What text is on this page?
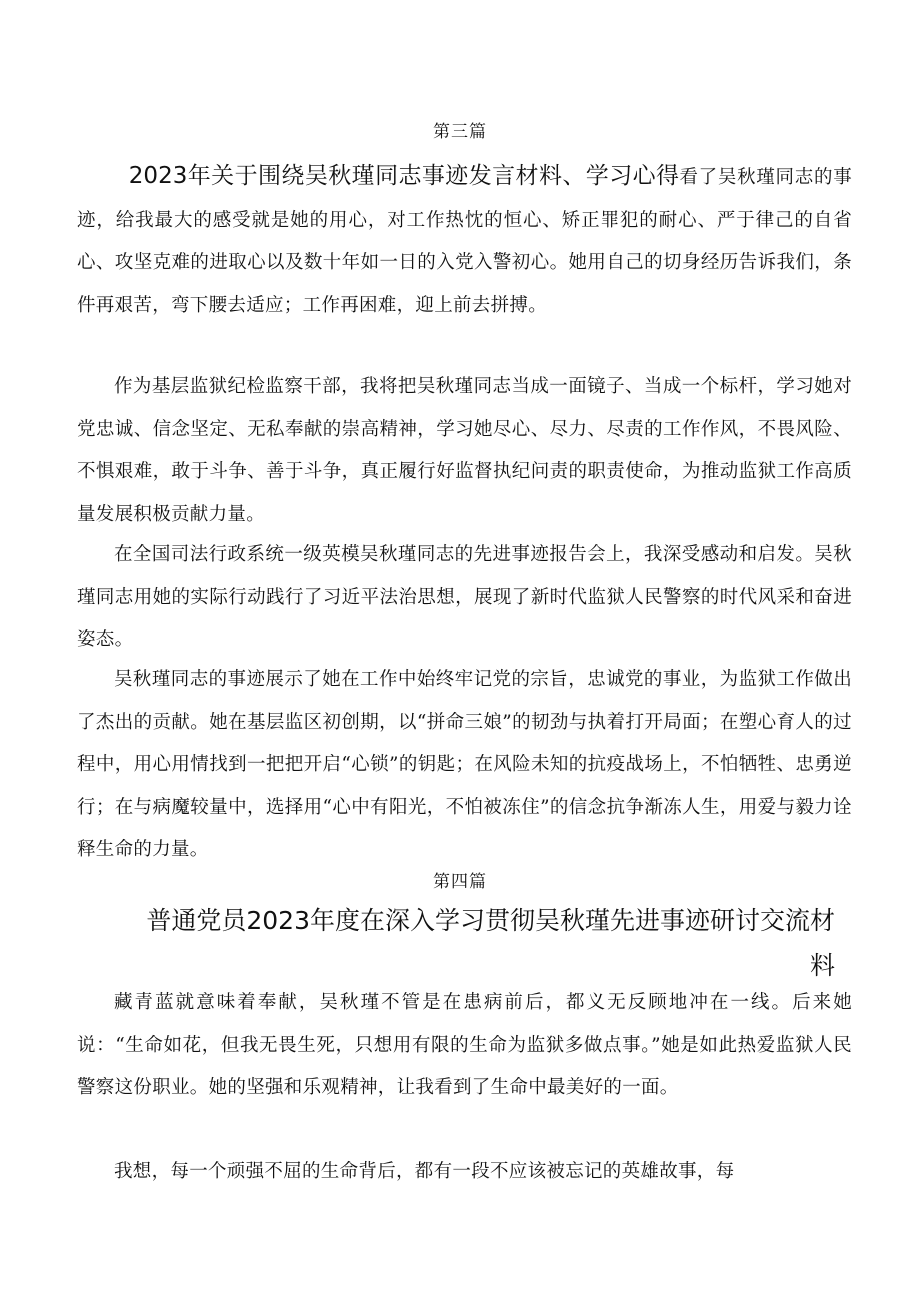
第三篇

2023年关于围绕吴秋瑾同志事迹发言材料、学习心得看了吴秋瑾同志的事迹，给我最大的感受就是她的用心，对工作热忱的恒心、矫正罪犯的耐心、严于律己的自省心、攻坚克难的进取心以及数十年如一日的入党入警初心。她用自己的切身经历告诉我们，条件再艰苦，弯下腰去适应；工作再困难，迎上前去拼搏。

作为基层监狱纪检监察干部，我将把吴秋瑾同志当成一面镜子、当成一个标杆，学习她对党忠诚、信念坚定、无私奉献的崇高精神，学习她尽心、尽力、尽责的工作作风，不畏风险、不惧艰难，敢于斗争、善于斗争，真正履行好监督执纪问责的职责使命，为推动监狱工作高质量发展积极贡献力量。

在全国司法行政系统一级英模吴秋瑾同志的先进事迹报告会上，我深受感动和启发。吴秋瑾同志用她的实际行动践行了习近平法治思想，展现了新时代监狱人民警察的时代风采和奋进姿态。

吴秋瑾同志的事迹展示了她在工作中始终牢记党的宗旨，忠诚党的事业，为监狱工作做出了杰出的贡献。她在基层监区初创期，以“拼命三娘”的韧劲与执着打开局面；在塑心育人的过程中，用心用情找到一把把开启“心锁”的钥匙；在风险未知的抗疫战场上，不怕牺牲、忠勇逆行；在与病魔较量中，选择用“心中有阳光，不怕被冻住”的信念抗争渐冻人生，用爱与毅力诠释生命的力量。

第四篇

普通党员2023年度在深入学习贯彻吴秋瑾先进事迹研讨交流材料

藏青蓝就意味着奉献，吴秋瑾不管是在患病前后，都义无反顾地冲在一线。后来她说：“生命如花，但我无畏生死，只想用有限的生命为监狱多做点事。”她是如此热爱监狱人民警察这份职业。她的坚强和乐观精神，让我看到了生命中最美好的一面。

我想，每一个顽强不屈的生命背后，都有一段不应该被忘记的英雄故事，每
